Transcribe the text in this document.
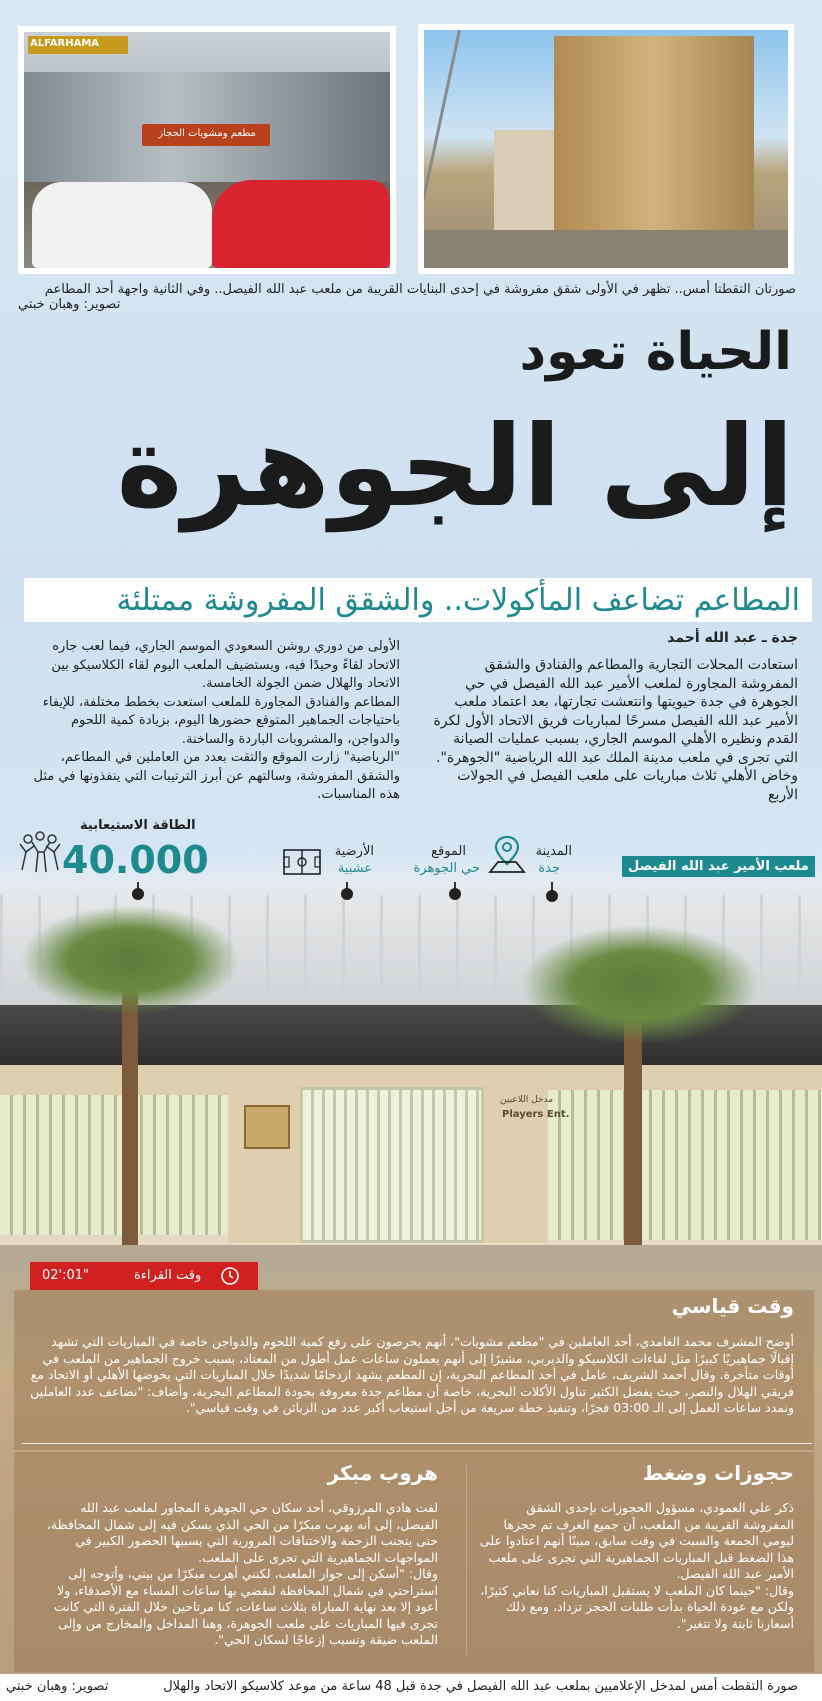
ALFARHAMA
مطعم ومشويات الحجاز
صورتان التقطتا أمس.. تظهر في الأولى شقق مفروشة في إحدى البنايات القريبة من ملعب عبد الله الفيصل.. وفي الثانية واجهة أحد المطاعم
تصوير: وهبان خبتي
الحياة تعود
إلى الجوهرة
المطاعم تضاعف المأكولات.. والشقق المفروشة ممتلئة
جدة ـ عبد الله أحمد
استعادت المحلات التجارية والمطاعم والفنادق والشقق المفروشة المجاورة لملعب الأمير عبد الله الفيصل في حي الجوهرة في جدة حيويتها وانتعشت تجارتها، بعد اعتماد ملعب الأمير عبد الله الفيصل مسرحًا لمباريات فريق الاتحاد الأول لكرة القدم ونظيره الأهلي الموسم الجاري، بسبب عمليات الصيانة التي تجرى في ملعب مدينة الملك عبد الله الرياضية "الجوهرة".
وخاض الأهلي ثلاث مباريات على ملعب الفيصل في الجولات الأربع
الأولى من دوري روشن السعودي الموسم الجاري، فيما لعب جاره الاتحاد لقاءً وحيدًا فيه، ويستضيف الملعب اليوم لقاء الكلاسيكو بين الاتحاد والهلال ضمن الجولة الخامسة.
المطاعم والفنادق المجاورة للملعب استعدت بخطط مختلفة، للإيفاء باحتياجات الجماهير المتوقع حضورها اليوم، بزيادة كمية اللحوم والدواجن، والمشروبات الباردة والساخنة.
"الرياضية" زارت الموقع والتقت بعدد من العاملين في المطاعم، والشقق المفروشة، وسالتهم عن أبرز الترتيبات التي ينفذونها في مثل هذه المناسبات.
ملعب الأمير عبد الله الفيصل
المدينة
جدة
الموقع
حي الجوهرة
الأرضية
عشبية
الطاقة الاستيعابية
40.000
مدخل اللاعبين
Players Ent.
02':01"	وقت القراءة
وقت قياسي
أوضح المشرف محمد الغامدي، أحد العاملين في "مطعم مشويات"، أنهم يحرصون على رفع كمية اللحوم والدواجن خاصة في المباريات التي تشهد إقبالًا جماهيريًا كبيرًا مثل لقاءات الكلاسيكو والديربي، مشيرًا إلى أنهم يعملون ساعات عمل أطول من المعتاد، بسبب خروج الجماهير من الملعب في أوقات متأخرة. وقال أحمد الشريف، عامل في أحد المطاعم البحرية، إن المطعم يشهد ازدحامًا شديدًا خلال المباريات التي يخوضها الأهلي أو الاتحاد مع فريقي الهلال والنصر، حيث يفضل الكثير تناول الأكلات البحرية، خاصة أن مطاعم جدة معروفة بجودة المطاعم البحرية، وأضاف: "نضاعف عدد العاملين ونمدد ساعات العمل إلى الـ 03:00 فجرًا، وتنفيذ خطة سريعة من أجل استيعاب أكبر عدد من الزبائن في وقت قياسي".
حجوزات وضغط
ذكر علي العمودي، مسؤول الحجوزات بإحدى الشقق المفروشة القريبة من الملعب، أن جميع الغرف تم حجزها ليومي الجمعة والسبت في وقت سابق، مبينًا أنهم اعتادوا على هذا الضغط قبل المباريات الجماهيرية التي تجرى على ملعب الأمير عبد الله الفيصل.
وقال: "حينما كان الملعب لا يستقبل المباريات كنا نعاني كثيرًا، ولكن مع عودة الحياة بدأت طلبات الحجز تزداد، ومع ذلك أسعارنا ثابتة ولا تتغير".
هروب مبكر
لفت هادي المرزوقي، أحد سكان حي الجوهرة المجاور لملعب عبد الله الفيصل، إلى أنه يهرب مبكرًا من الحي الذي يسكن فيه إلى شمال المحافظة، حتى يتجنب الزحمة والاختناقات المرورية التي يسببها الحضور الكبير في المواجهات الجماهيرية التي تجرى على الملعب.
وقال: "أسكن إلى جوار الملعب، لكنني أهرب مبكرًا من بيتي، وأتوجه إلى استراحتي في شمال المحافظة لنقضي بها ساعات المساء مع الأصدقاء، ولا أعود إلا بعد نهاية المباراة بثلاث ساعات، كنا مرتاحين خلال الفترة التي كانت تجرى فيها المباريات على ملعب الجوهرة، وهنا المداخل والمخارج من وإلى الملعب ضيقة وتسبب إزعاجًا لسكان الحي".
صورة التقطت أمس لمدخل الإعلاميين بملعب عبد الله الفيصل في جدة قبل 48 ساعة من موعد كلاسيكو الاتحاد والهلال
تصوير: وهبان خبتي
